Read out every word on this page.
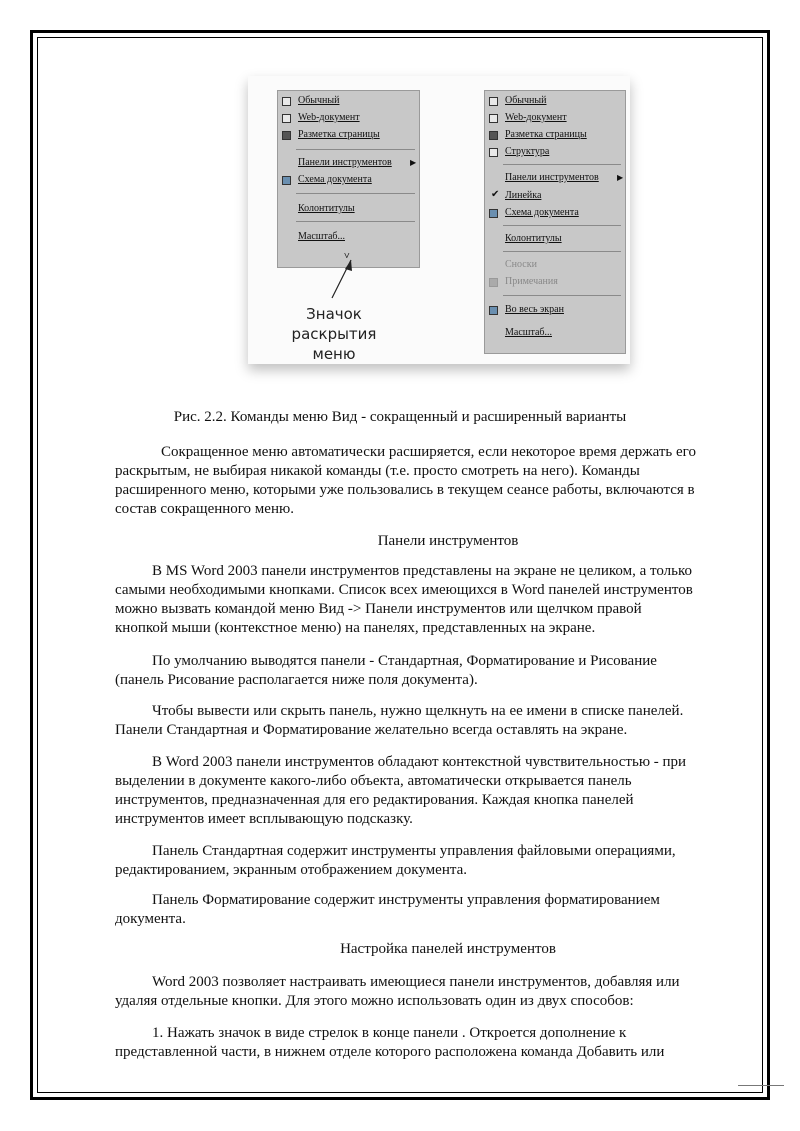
Обычный
Web-документ
Разметка страницы
Панели инструментов ▶
Схема документа
Колонтитулы
Масштаб...
˅
Значок раскрытия
меню
Обычный
Web-документ
Разметка страницы
Структура
Панели инструментов ▶
✔ Линейка
Схема документа
Колонтитулы
Сноски
Примечания
Во весь экран
Масштаб...
Рис. 2.2. Команды меню Вид - сокращенный и расширенный варианты

Сокращенное меню автоматически расширяется, если некоторое время держать его

раскрытым, не выбирая никакой команды (т.е. просто смотреть на него). Команды

расширенного меню, которыми уже пользовались в текущем сеансе работы, включаются в

состав сокращенного меню.

Панели инструментов

В MS Word 2003 панели инструментов представлены на экране не целиком, а только

самыми необходимыми кнопками. Список всех имеющихся в Word панелей инструментов

можно вызвать командой меню Вид -> Панели инструментов или щелчком правой

кнопкой мыши (контекстное меню) на панелях, представленных на экране.

По умолчанию выводятся панели - Стандартная, Форматирование и Рисование

(панель Рисование располагается ниже поля документа).

Чтобы вывести или скрыть панель, нужно щелкнуть на ее имени в списке панелей.

Панели Стандартная и Форматирование желательно всегда оставлять на экране.

В Word 2003 панели инструментов обладают контекстной чувствительностью - при

выделении в документе какого-либо объекта, автоматически открывается панель

инструментов, предназначенная для его редактирования. Каждая кнопка панелей

инструментов имеет всплывающую подсказку.

Панель Стандартная содержит инструменты управления файловыми операциями,

редактированием, экранным отображением документа.

Панель Форматирование содержит инструменты управления форматированием

документа.

Настройка панелей инструментов

Word 2003 позволяет настраивать имеющиеся панели инструментов, добавляя или

удаляя отдельные кнопки. Для этого можно использовать один из двух способов:

1. Нажать значок в виде стрелок в конце панели . Откроется дополнение к

представленной части, в нижнем отделе которого расположена команда Добавить или
